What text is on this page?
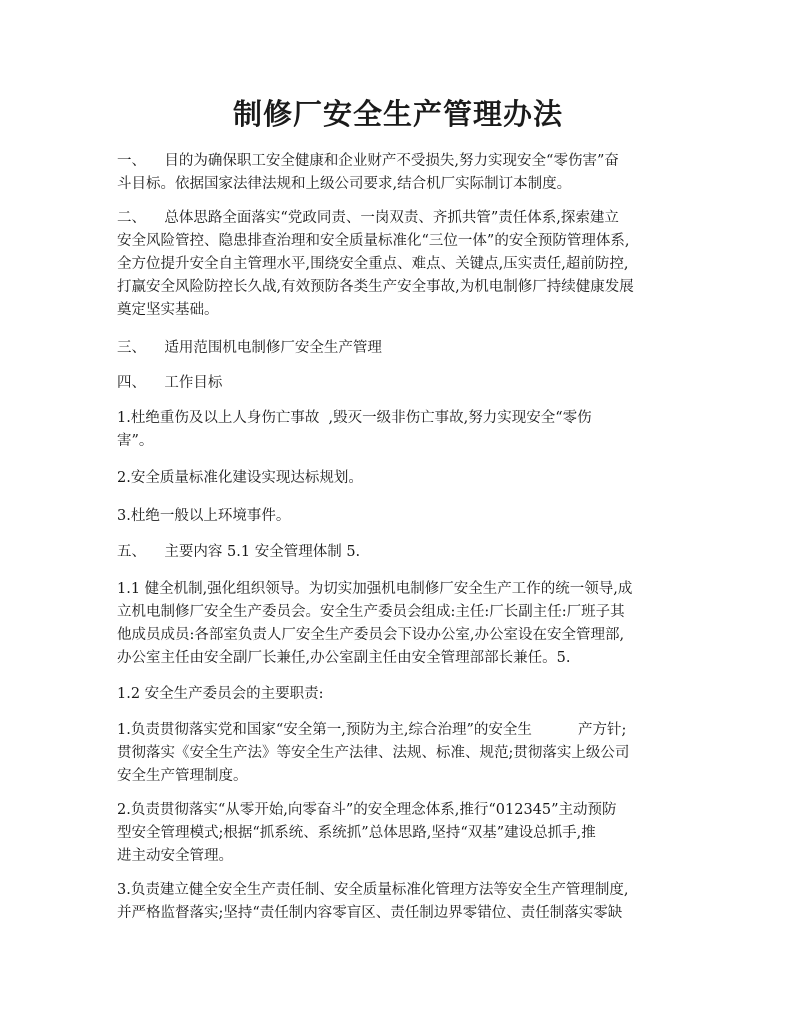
制修厂安全生产管理办法
一、    目的为确保职工安全健康和企业财产不受损失,努力实现安全“零伤害”奋
斗目标。依据国家法律法规和上级公司要求,结合机厂实际制订本制度。
二、    总体思路全面落实“党政同责、一岗双责、齐抓共管”责任体系,探索建立
安全风险管控、隐患排查治理和安全质量标准化“三位一体”的安全预防管理体系,
全方位提升安全自主管理水平,围绕安全重点、难点、关键点,压实责任,超前防控,
打赢安全风险防控长久战,有效预防各类生产安全事故,为机电制修厂持续健康发展
奠定坚实基础。
三、    适用范围机电制修厂安全生产管理
四、    工作目标
1.杜绝重伤及以上人身伤亡事故  ,毁灭一级非伤亡事故,努力实现安全“零伤
害”。
2.安全质量标准化建设实现达标规划。
3.杜绝一般以上环境事件。
五、    主要内容 5.1 安全管理体制 5.
1.1 健全机制,强化组织领导。为切实加强机电制修厂安全生产工作的统一领导,成
立机电制修厂安全生产委员会。安全生产委员会组成:主任:厂长副主任:厂班子其
他成员成员:各部室负责人厂安全生产委员会下设办公室,办公室设在安全管理部,
办公室主任由安全副厂长兼任,办公室副主任由安全管理部部长兼任。5.
1.2 安全生产委员会的主要职责:
1.负责贯彻落实党和国家“安全第一,预防为主,综合治理”的安全生          产方针;
贯彻落实《安全生产法》等安全生产法律、法规、标准、规范;贯彻落实上级公司
安全生产管理制度。
2.负责贯彻落实“从零开始,向零奋斗”的安全理念体系,推行“012345”主动预防
型安全管理模式;根据“抓系统、系统抓”总体思路,坚持“双基”建设总抓手,推
进主动安全管理。
3.负责建立健全安全生产责任制、安全质量标准化管理方法等安全生产管理制度,
并严格监督落实;坚持“责任制内容零盲区、责任制边界零错位、责任制落实零缺
